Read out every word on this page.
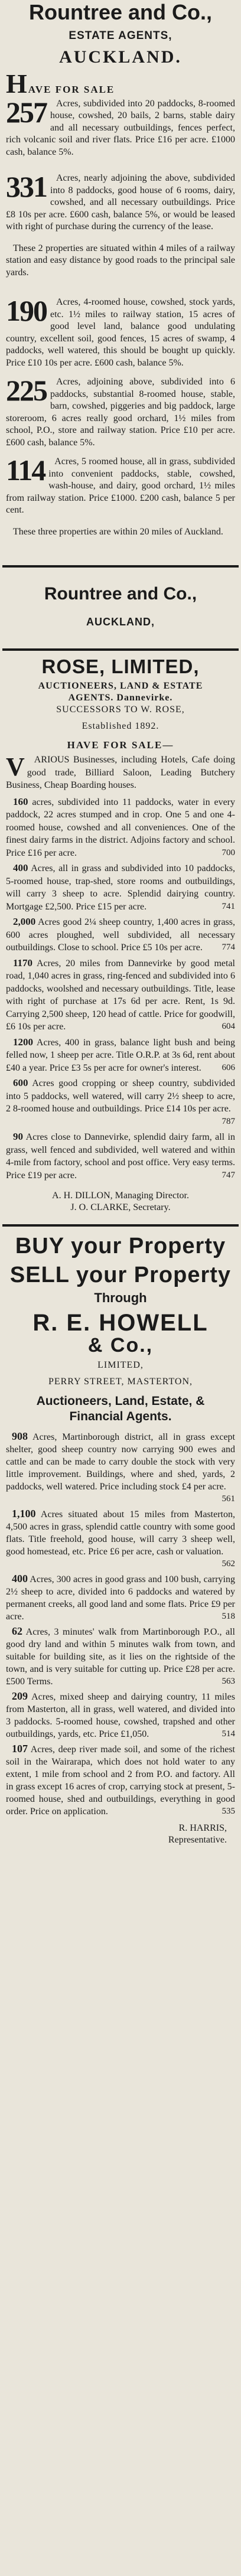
Rountree and Co.,
ESTATE AGENTS,
AUCKLAND.
HAVE FOR SALE

257 Acres, subdivided into 20 paddocks, 8-roomed house, cowshed, 20 bails, 2 barns, stable dairy and all necessary outbuildings, fences perfect, rich volcanic soil and river flats. Price £16 per acre. £1000 cash, balance 5%.

331 Acres, nearly adjoining the above, subdivided into 8 paddocks, good house of 6 rooms, dairy, cowshed, and all necessary outbuildings. Price £8 10s per acre. £600 cash, balance 5%, or would be leased with right of purchase during the currency of the lease.

These 2 properties are situated within 4 miles of a railway station and easy distance by good roads to the principal sale yards.

190 Acres, 4-roomed house, cowshed, stock yards, etc. 1½ miles to railway station, 15 acres of good level land, balance good undulating country, excellent soil, good fences, 15 acres of swamp, 4 paddocks, well watered, this should be bought up quickly. Price £10 10s per acre. £600 cash, balance 5%.

225 Acres, adjoining above, subdivided into 6 paddocks, substantial 8-roomed house, stable, barn, cowshed, piggeries and big paddock, large storeroom, 6 acres really good orchard, 1½ miles from school, P.O., store and railway station. Price £10 per acre. £600 cash, balance 5%.

114 Acres, 5 roomed house, all in grass, subdivided into convenient paddocks, stable, cowshed, wash-house, and dairy, good orchard, 1½ miles from railway station. Price £1000. £200 cash, balance 5 per cent.

These three properties are within 20 miles of Auckland.

Rountree and Co.,
AUCKLAND,
ROSE, LIMITED,
AUCTIONEERS, LAND & ESTATE
AGENTS. Dannevirke.
SUCCESSORS TO W. ROSE,
Established 1892.
HAVE FOR SALE—

V ARIOUS Businesses, including Hotels, Cafe doing good trade, Billiard Saloon, Leading Butchery Business, Cheap Boarding houses.

160 acres, subdivided into 11 paddocks, water in every paddock, 22 acres stumped and in crop. One 5 and one 4-roomed house, cowshed and all conveniences. One of the finest dairy farms in the district. Adjoins factory and school. Price £16 per acre.	700

400 Acres, all in grass and subdivided into 10 paddocks, 5-roomed house, trap-shed, store rooms and outbuildings, will carry 3 sheep to acre. Splendid dairying country. Mortgage £2,500. Price £15 per acre.	741

2,000 Acres good 2¼ sheep country, 1,400 acres in grass, 600 acres ploughed, well subdivided, all necessary outbuildings. Close to school. Price £5 10s per acre.	774

1170 Acres, 20 miles from Dannevirke by good metal road, 1,040 acres in grass, ring-fenced and subdivided into 6 paddocks, woolshed and necessary outbuildings. Title, lease with right of purchase at 17s 6d per acre. Rent, 1s 9d. Carrying 2,500 sheep, 120 head of cattle. Price for goodwill, £6 10s per acre.	604

1200 Acres, 400 in grass, balance light bush and being felled now, 1 sheep per acre. Title O.R.P. at 3s 6d, rent about £40 a year. Price £3 5s per acre for owner's interest.	606

600 Acres good cropping or sheep country, subdivided into 5 paddocks, well watered, will carry 2½ sheep to acre, 2 8-roomed house and outbuildings. Price £14 10s per acre.
787

90 Acres close to Dannevirke, splendid dairy farm, all in grass, well fenced and subdivided, well watered and within 4-mile from factory, school and post office. Very easy terms. Price £19 per acre.	747

A. H. DILLON, Managing Director.
J. O. CLARKE, Secretary.
BUY your Property
SELL your Property
Through
R. E. HOWELL
& Co.,
LIMITED,
PERRY STREET, MASTERTON,
Auctioneers, Land, Estate, &
Financial Agents.

908 Acres, Martinborough district, all in grass except shelter, good sheep country now carrying 900 ewes and cattle and can be made to carry double the stock with very little improvement. Buildings, where and shed, yards, 2 paddocks, well watered. Price including stock £4 per acre.
561

1,100 Acres situated about 15 miles from Masterton, 4,500 acres in grass, splendid cattle country with some good flats. Title freehold, good house, will carry 3 sheep well, good homestead, etc. Price £6 per acre, cash or valuation.
562

400 Acres, 300 acres in good grass and 100 bush, carrying 2½ sheep to acre, divided into 6 paddocks and watered by permanent creeks, all good land and some flats. Price £9 per acre.	518

62 Acres, 3 minutes' walk from Martinborough P.O., all good dry land and within 5 minutes walk from town, and suitable for building site, as it lies on the rightside of the town, and is very suitable for cutting up. Price £28 per acre. £500 Terms.	563

209 Acres, mixed sheep and dairying country, 11 miles from Masterton, all in grass, well watered, and divided into 3 paddocks. 5-roomed house, cowshed, trapshed and other outbuildings, yards, etc. Price £1,050.	514

107 Acres, deep river made soil, and some of the richest soil in the Wairarapa, which does not hold water to any extent, 1 mile from school and 2 from P.O. and factory. All in grass except 16 acres of crop, carrying stock at present, 5-roomed house, shed and outbuildings, everything in good order. Price on application.	535

R. HARRIS,
Representative.
